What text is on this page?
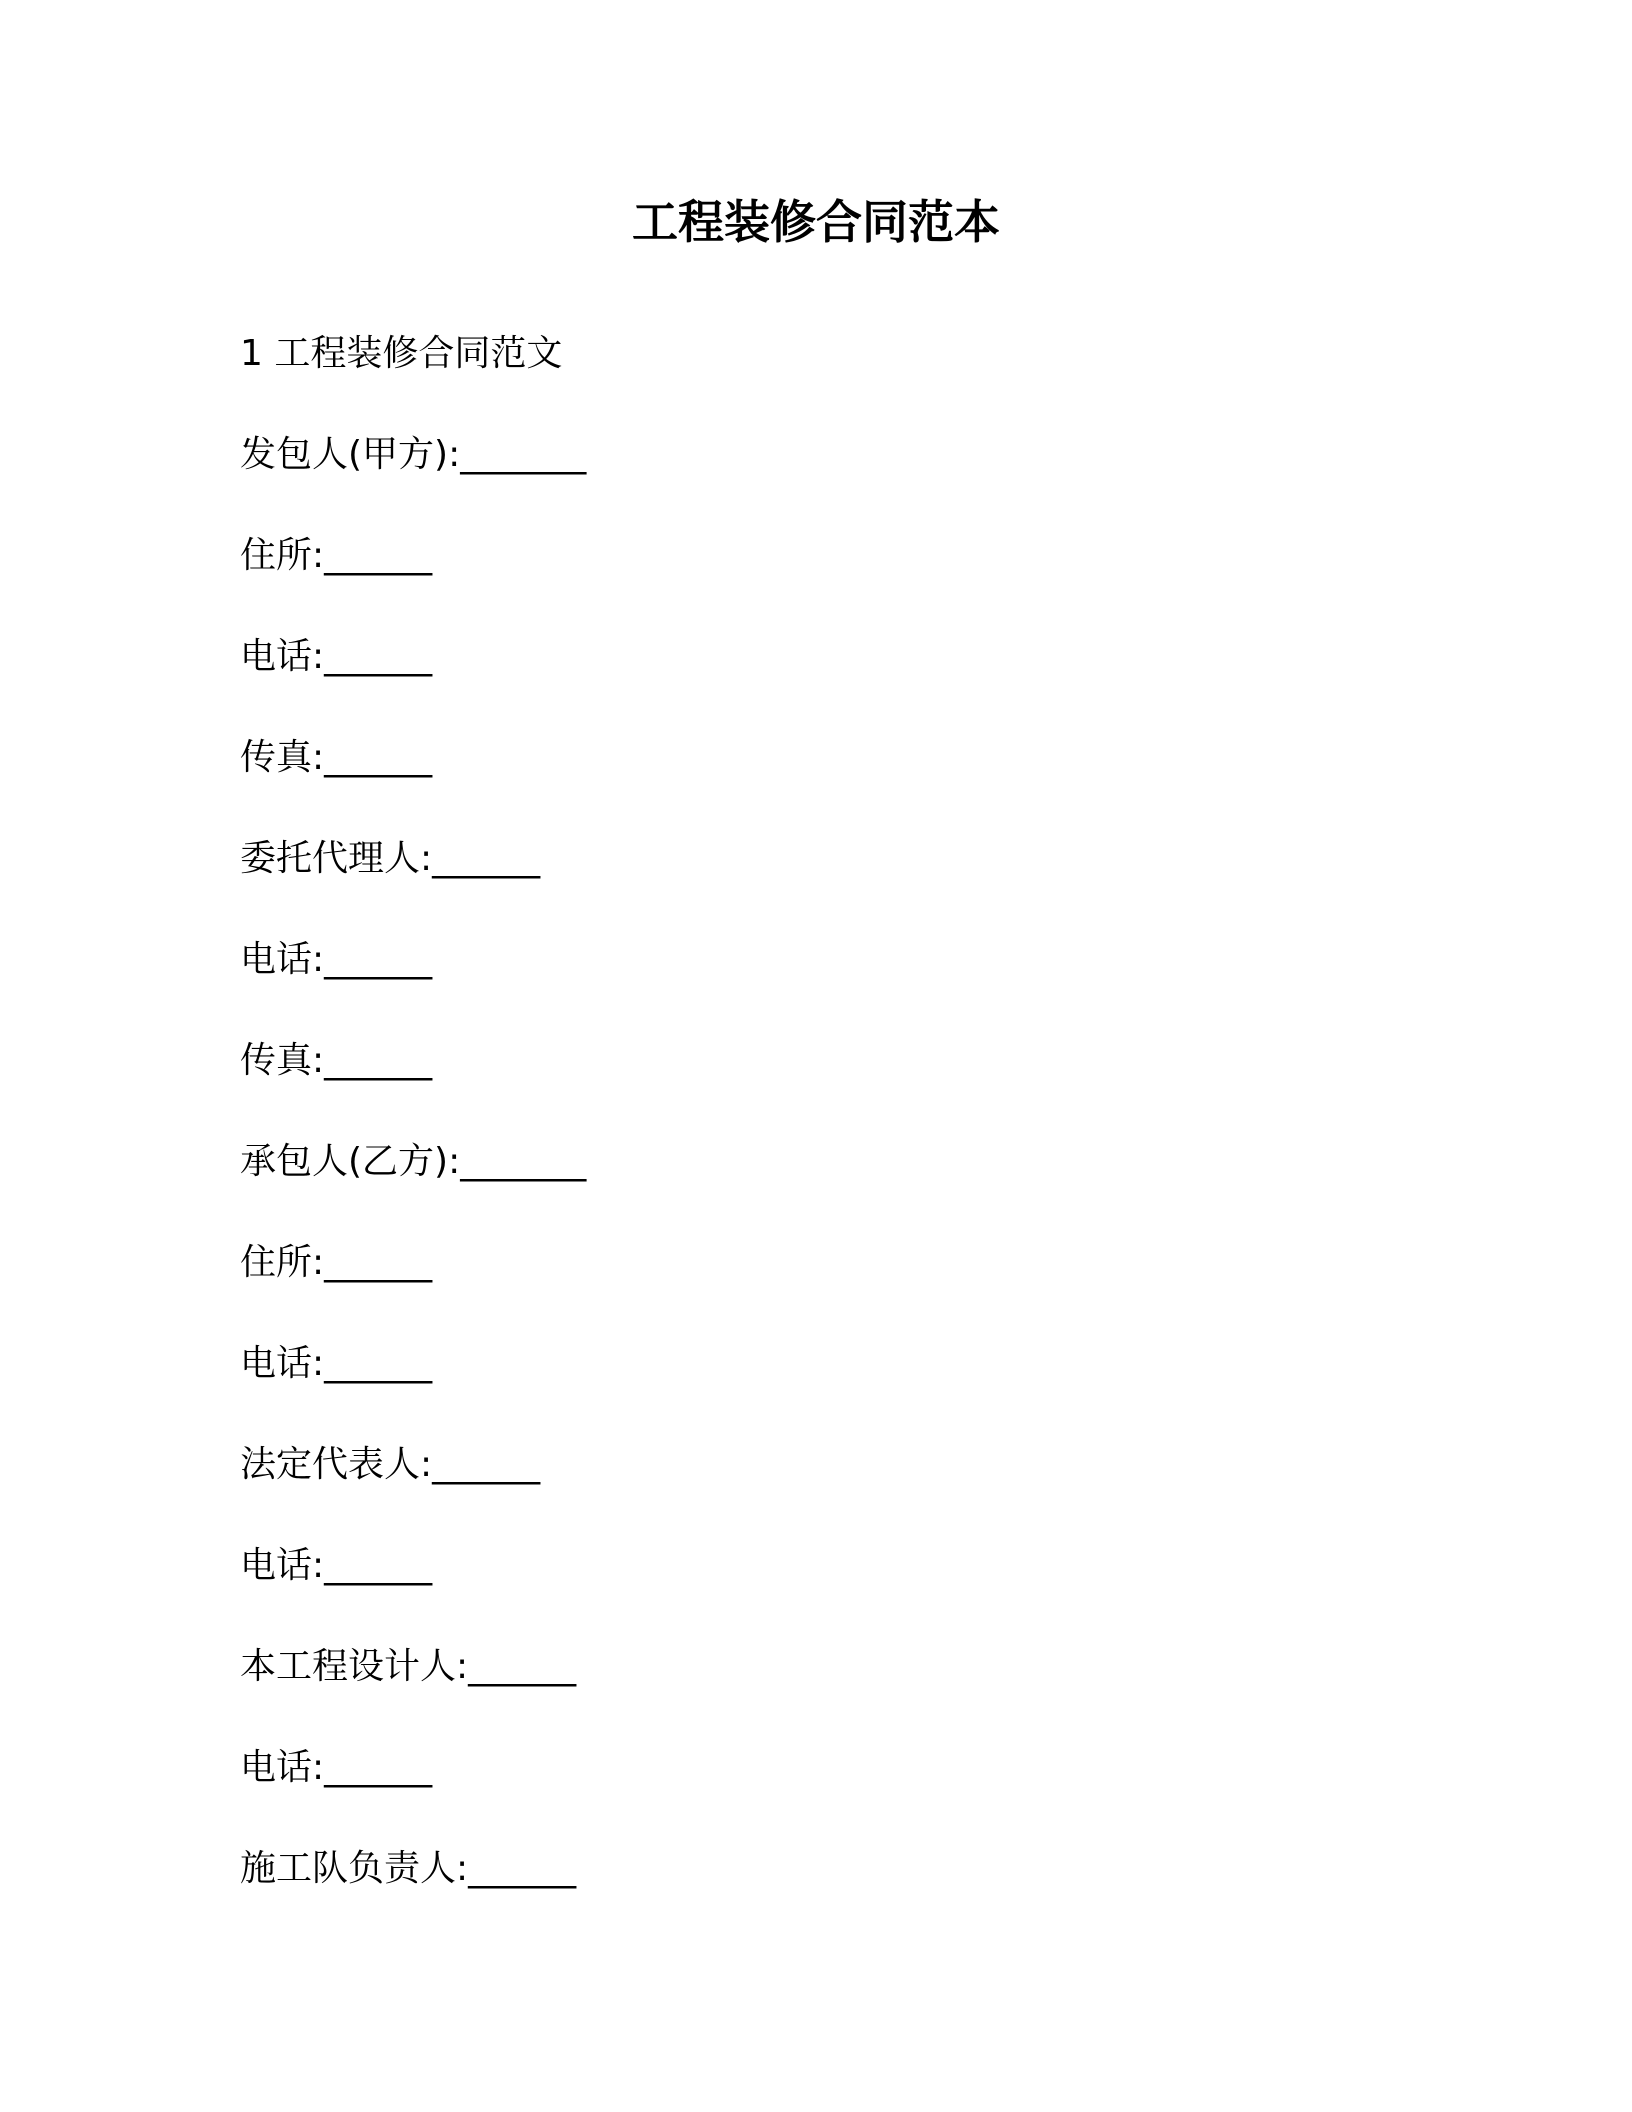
工程装修合同范本
1 工程装修合同范文
发包人(甲方):_______
住所:______
电话:______
传真:______
委托代理人:______
电话:______
传真:______
承包人(乙方):_______
住所:______
电话:______
法定代表人:______
电话:______
本工程设计人:______
电话:______
施工队负责人:______
